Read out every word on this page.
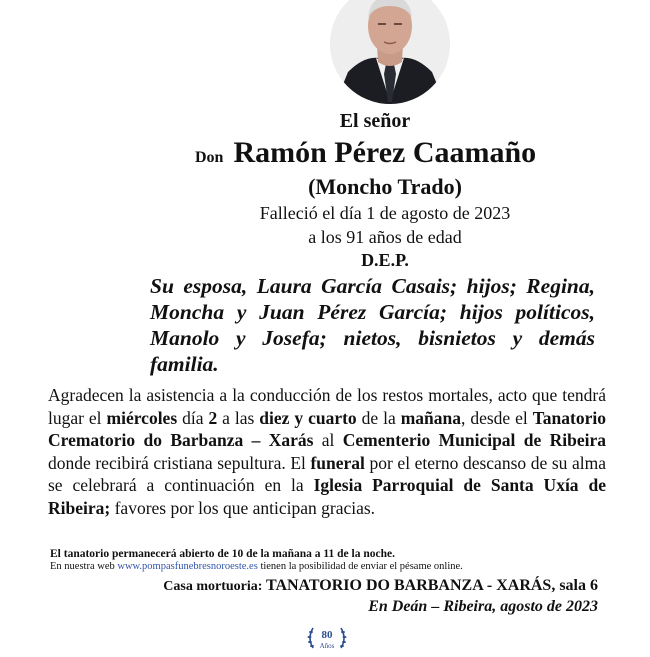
El señor
Don Ramón Pérez Caamaño
(Moncho Trado)
Falleció el día 1 de agosto de 2023
a los 91 años de edad
D.E.P.
Su esposa, Laura García Casais; hijos; Regina, Moncha y Juan Pérez García; hijos políticos, Manolo y Josefa; nietos, bisnietos y demás familia.
Agradecen la asistencia a la conducción de los restos mortales, acto que tendrá lugar el miércoles día 2 a las diez y cuarto de la mañana, desde el Tanatorio Crematorio do Barbanza – Xarás al Cementerio Municipal de Ribeira donde recibirá cristiana sepultura. El funeral por el eterno descanso de su alma se celebrará a continuación en la Iglesia Parroquial de Santa Uxía de Ribeira; favores por los que anticipan gracias.
El tanatorio permanecerá abierto de 10 de la mañana a 11 de la noche.
En nuestra web www.pompasfunebresnoroeste.es tienen la posibilidad de enviar el pésame online.
Casa mortuoria: TANATORIO DO BARBANZA - XARÁS, sala 6
En Deán – Ribeira, agosto de 2023
80
Años
